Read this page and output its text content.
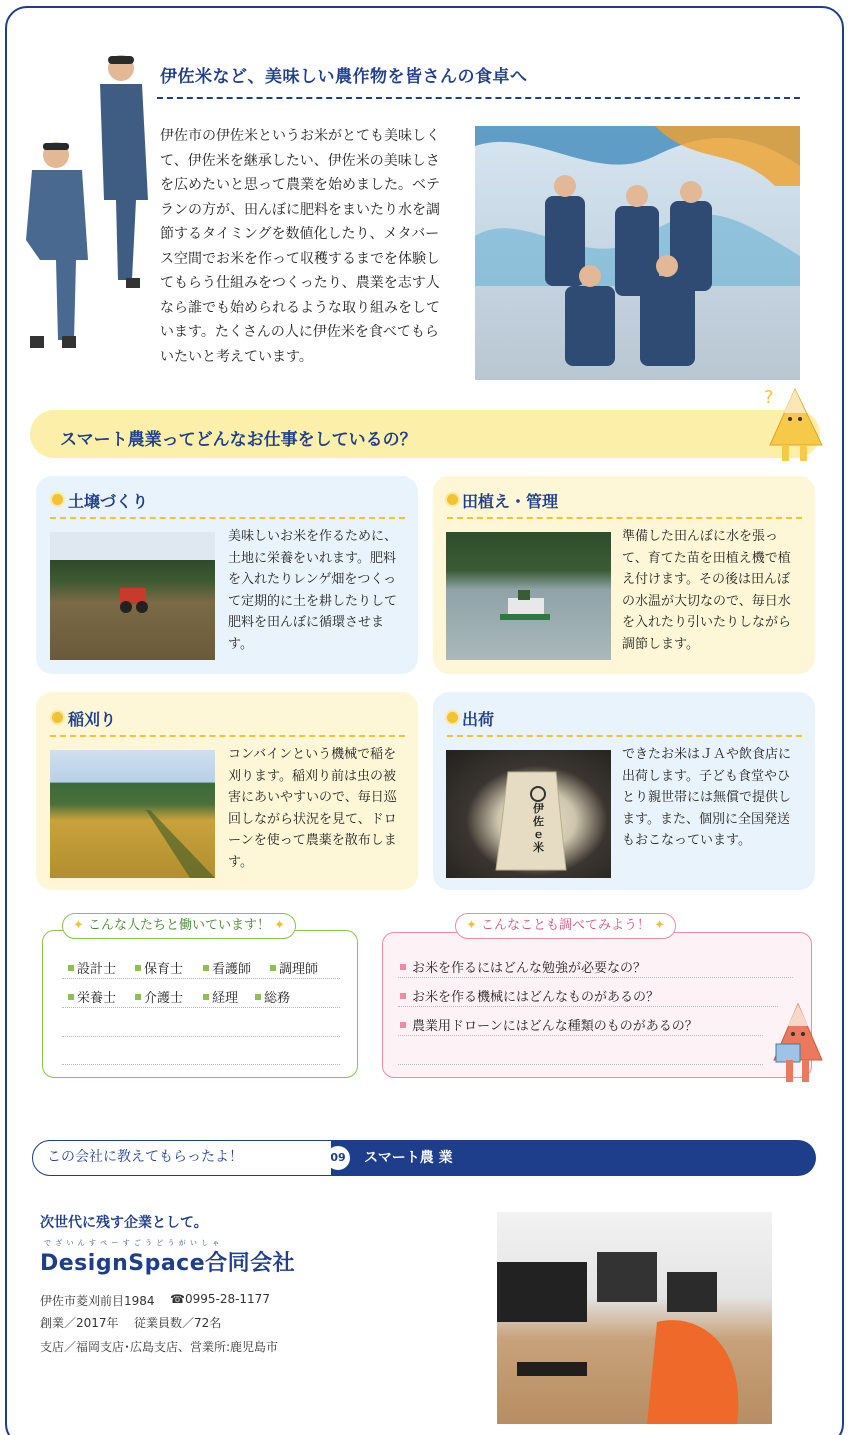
伊佐米など、美味しい農作物を皆さんの食卓へ
伊佐市の伊佐米というお米がとても美味しく
て、伊佐米を継承したい、伊佐米の美味しさ
を広めたいと思って農業を始めました。ベテ
ランの方が、田んぼに肥料をまいたり水を調
節するタイミングを数値化したり、メタバー
ス空間でお米を作って収穫するまでを体験し
てもらう仕組みをつくったり、農業を志す人
なら誰でも始められるような取り組みをして
います。たくさんの人に伊佐米を食べてもら
いたいと考えています。
スマート農業ってどんなお仕事をしているの？
?
土壌づくり
美味しいお米を作るために、
土地に栄養をいれます。肥料
を入れたりレンゲ畑をつくっ
て定期的に土を耕したりして
肥料を田んぼに循環させま
す。
田植え・管理
準備した田んぼに水を張っ
て、育てた苗を田植え機で植
え付けます。その後は田んぼ
の水温が大切なので、毎日水
を入れたり引いたりしながら
調節します。
稲刈り
コンバインという機械で稲を
刈ります。稲刈り前は虫の被
害にあいやすいので、毎日巡
回しながら状況を見て、ドロ
ーンを使って農薬を散布しま
す。
出荷
伊佐ｅ米
できたお米はＪＡや飲食店に
出荷します。子ども食堂やひ
とり親世帯には無償で提供し
ます。また、個別に全国発送
もおこなっています。
✦ こんな人たちと働いています！ ✦
設計士	保育士	看護師	調理師
栄養士	介護士	経理	総務
✦ こんなことも調べてみよう！ ✦
お米を作るにはどんな勉強が必要なの？
お米を作る機械にはどんなものがあるの？
農業用ドローンにはどんな種類のものがあるの？
スマート農 業
この会社に教えてもらったよ！	09
次世代に残す企業として。
で ざ い ん す ぺ ー す ご う ど う が い し ゃ
DesignSpace合同会社
伊佐市菱刈前目1984 ☎0995-28-1177
創業／2017年 従業員数／72名
支店／福岡支店･広島支店、営業所:鹿児島市
